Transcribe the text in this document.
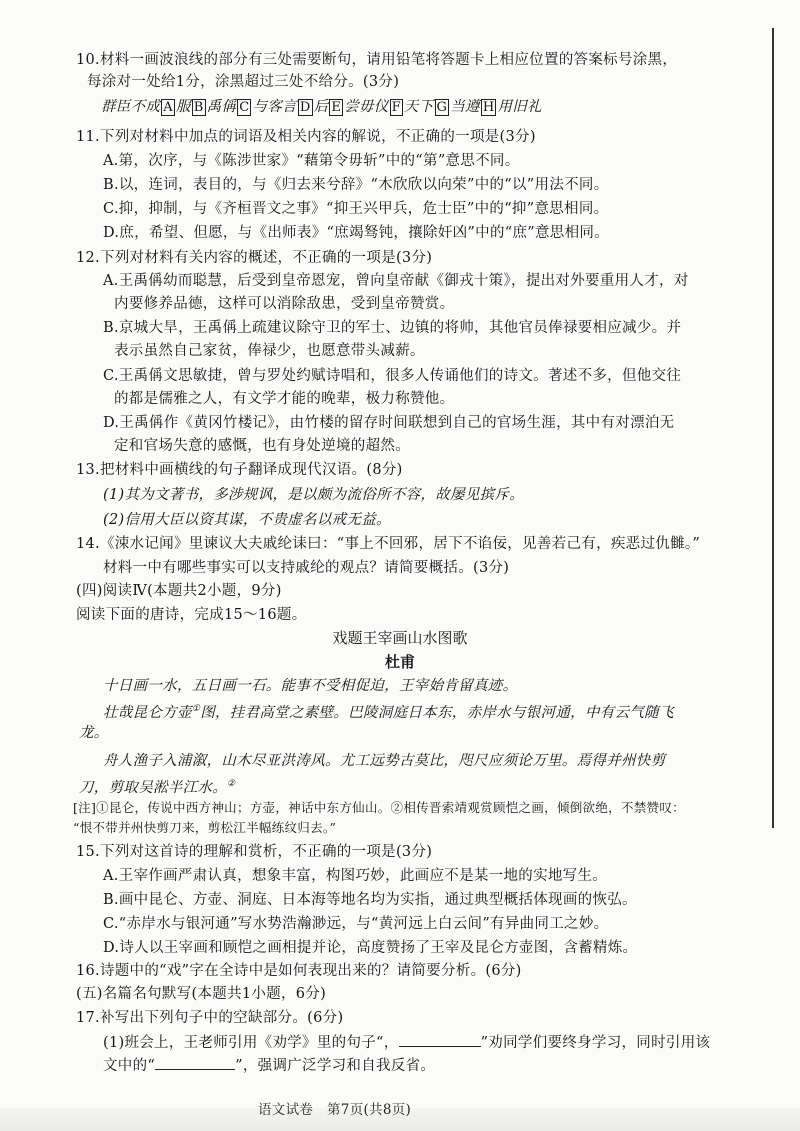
10.材料一画波浪线的部分有三处需要断句，请用铅笔将答题卡上相应位置的答案标号涂黑，
每涂对一处给1分，涂黑超过三处不给分。(3分)
群臣不成 A 服 B 禹偁 C 与客言 D 后 E 尝毋仪 F 天下 G 当遵 H 用旧礼
11.下列对材料中加点的词语及相关内容的解说，不正确的一项是(3分)
A.第，次序，与《陈涉世家》“藉第令毋斩”中的“第”意思不同。
B.以，连词，表目的，与《归去来兮辞》“木欣欣以向荣”中的“以”用法不同。
C.抑，抑制，与《齐桓晋文之事》“抑王兴甲兵，危士臣”中的“抑”意思相同。
D.庶，希望、但愿，与《出师表》“庶竭驽钝，攘除奸凶”中的“庶”意思相同。
12.下列对材料有关内容的概述，不正确的一项是(3分)
A.王禹偁幼而聪慧，后受到皇帝恩宠，曾向皇帝献《御戎十策》，提出对外要重用人才，对
内要修养品德，这样可以消除敌患，受到皇帝赞赏。
B.京城大旱，王禹偁上疏建议除守卫的军士、边镇的将帅，其他官员俸禄要相应减少。并
表示虽然自己家贫，俸禄少，也愿意带头减薪。
C.王禹偁文思敏捷，曾与罗处约赋诗唱和，很多人传诵他们的诗文。著述不多，但他交往
的都是儒雅之人，有文学才能的晚辈，极力称赞他。
D.王禹偁作《黄冈竹楼记》，由竹楼的留存时间联想到自己的官场生涯，其中有对漂泊无
定和官场失意的感慨，也有身处逆境的超然。
13.把材料中画横线的句子翻译成现代汉语。(8分)
(1)其为文著书，多涉规讽，是以颇为流俗所不容，故屡见摈斥。
(2)信用大臣以资其谋，不贵虚名以戒无益。
14.《涑水记闻》里谏议大夫戚纶诔曰：“事上不回邪，居下不谄佞，见善若己有，疾恶过仇雠。”
材料一中有哪些事实可以支持戚纶的观点？请简要概括。(3分)
(四)阅读Ⅳ(本题共2小题，9分)
阅读下面的唐诗，完成15～16题。
戏题王宰画山水图歌
杜甫
十日画一水，五日画一石。能事不受相促迫，王宰始肯留真迹。
壮哉昆仑方壶①图，挂君高堂之素壁。巴陵洞庭日本东，赤岸水与银河通，中有云气随飞
龙。
舟人渔子入浦溆，山木尽亚洪涛风。尤工远势古莫比，咫尺应须论万里。焉得并州快剪
刀，剪取吴淞半江水。②
[注]①昆仑，传说中西方神山；方壶，神话中东方仙山。②相传晋索靖观赏顾恺之画，倾倒欲绝，不禁赞叹：
“恨不带并州快剪刀来，剪松江半幅练纹归去。”
15.下列对这首诗的理解和赏析，不正确的一项是(3分)
A.王宰作画严肃认真，想象丰富，构图巧妙，此画应不是某一地的实地写生。
B.画中昆仑、方壶、洞庭、日本海等地名均为实指，通过典型概括体现画的恢弘。
C.“赤岸水与银河通”写水势浩瀚渺远，与“黄河远上白云间”有异曲同工之妙。
D.诗人以王宰画和顾恺之画相提并论，高度赞扬了王宰及昆仑方壶图，含蓄精炼。
16.诗题中的“戏”字在全诗中是如何表现出来的？请简要分析。(6分)
(五)名篇名句默写(本题共1小题，6分)
17.补写出下列句子中的空缺部分。(6分)
(1)班会上，王老师引用《劝学》里的句子“，	”劝同学们要终身学习，同时引用该
文中的“	”，强调广泛学习和自我反省。
语文试卷　第7页(共8页)
